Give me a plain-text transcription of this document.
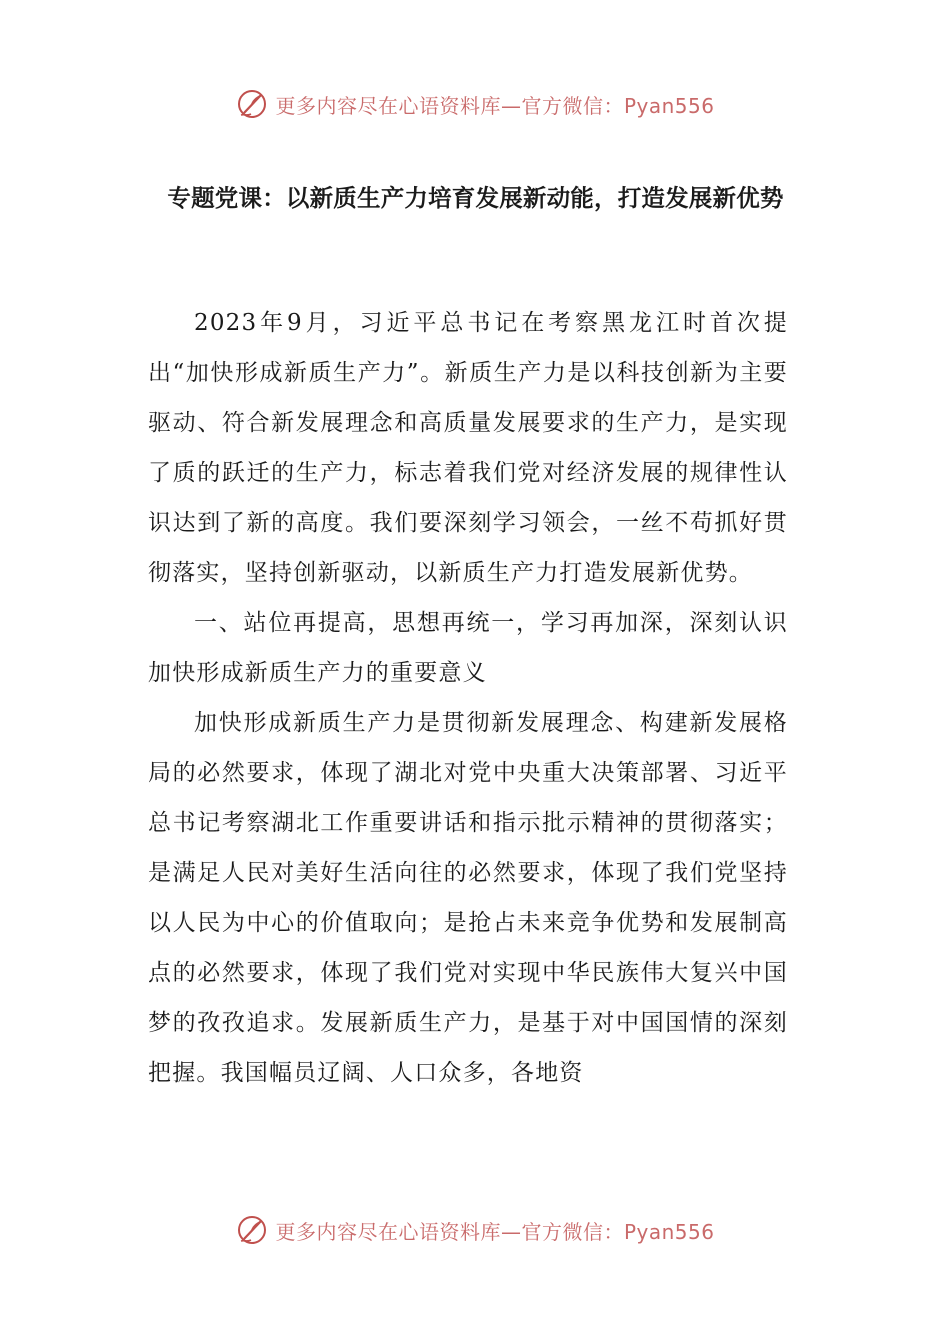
更多内容尽在心语资料库—官方微信：Pyan556
专题党课：以新质生产力培育发展新动能，打造发展新优势

2023年9月，习近平总书记在考察黑龙江时首次提出“加快形成新质生产力”。新质生产力是以科技创新为主要驱动、符合新发展理念和高质量发展要求的生产力，是实现了质的跃迁的生产力，标志着我们党对经济发展的规律性认识达到了新的高度。我们要深刻学习领会，一丝不苟抓好贯彻落实，坚持创新驱动，以新质生产力打造发展新优势。

一、站位再提高，思想再统一，学习再加深，深刻认识加快形成新质生产力的重要意义

加快形成新质生产力是贯彻新发展理念、构建新发展格局的必然要求，体现了湖北对党中央重大决策部署、习近平总书记考察湖北工作重要讲话和指示批示精神的贯彻落实；是满足人民对美好生活向往的必然要求，体现了我们党坚持以人民为中心的价值取向；是抢占未来竞争优势和发展制高点的必然要求，体现了我们党对实现中华民族伟大复兴中国梦的孜孜追求。发展新质生产力，是基于对中国国情的深刻把握。我国幅员辽阔、人口众多，各地资

更多内容尽在心语资料库—官方微信：Pyan556
